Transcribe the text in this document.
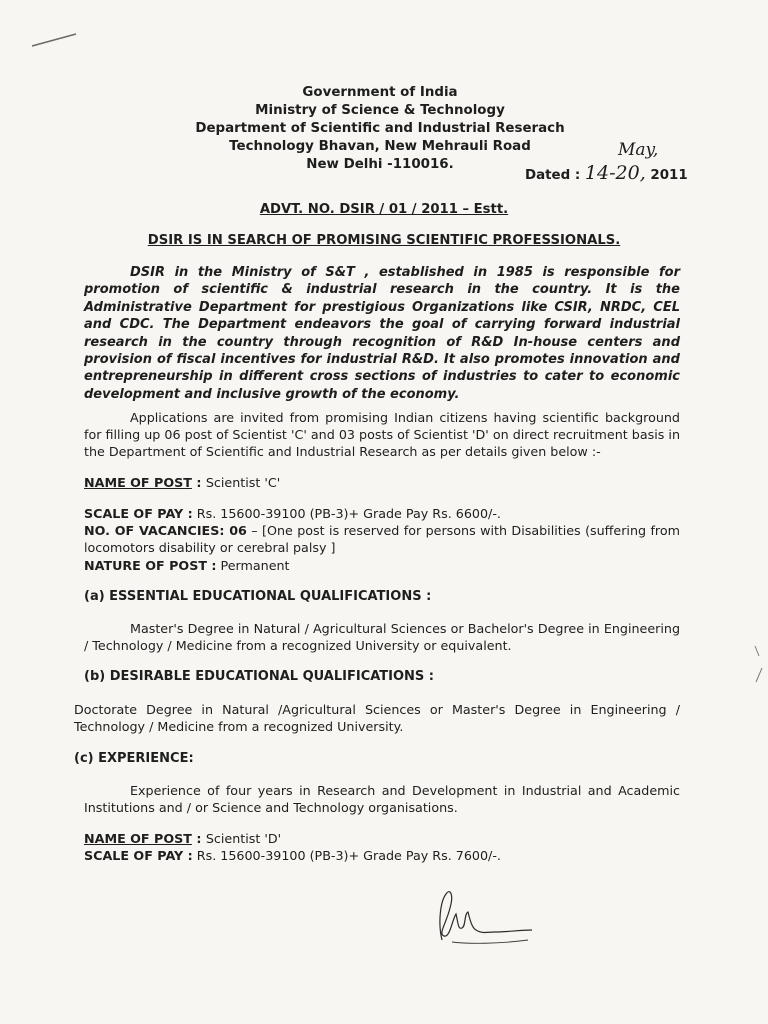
Government of India
Ministry of Science & Technology
Department of Scientific and Industrial Reserach
Technology Bhavan, New Mehrauli Road
New Delhi -110016.
May,
Dated : 14-20, 2011
ADVT. NO. DSIR / 01 / 2011 – Estt.
DSIR IS IN SEARCH OF PROMISING SCIENTIFIC PROFESSIONALS.

DSIR in the Ministry of S&T , established in 1985 is responsible for promotion of scientific & industrial research in the country. It is the Administrative Department for prestigious Organizations like CSIR, NRDC, CEL and CDC. The Department endeavors the goal of carrying forward industrial research in the country through recognition of R&D In-house centers and provision of fiscal incentives for industrial R&D. It also promotes innovation and entrepreneurship in different cross sections of industries to cater to economic development and inclusive growth of the economy.

Applications are invited from promising Indian citizens having scientific background for filling up 06 post of Scientist 'C' and 03 posts of Scientist 'D' on direct recruitment basis in the Department of Scientific and Industrial Research as per details given below :-

NAME OF POST : Scientist 'C'
SCALE OF PAY : Rs. 15600-39100 (PB-3)+ Grade Pay Rs. 6600/-.
NO. OF VACANCIES: 06 – [One post is reserved for persons with Disabilities (suffering from locomotors disability or cerebral palsy ]
NATURE OF POST : Permanent
(a) ESSENTIAL EDUCATIONAL QUALIFICATIONS :
Master's Degree in Natural / Agricultural Sciences or Bachelor's Degree in Engineering / Technology / Medicine from a recognized University or equivalent.
(b) DESIRABLE EDUCATIONAL QUALIFICATIONS :
Doctorate Degree in Natural /Agricultural Sciences or Master's Degree in Engineering / Technology / Medicine from a recognized University.
(c) EXPERIENCE:
Experience of four years in Research and Development in Industrial and Academic Institutions and / or Science and Technology organisations.
NAME OF POST : Scientist 'D'
SCALE OF PAY : Rs. 15600-39100 (PB-3)+ Grade Pay Rs. 7600/-.
